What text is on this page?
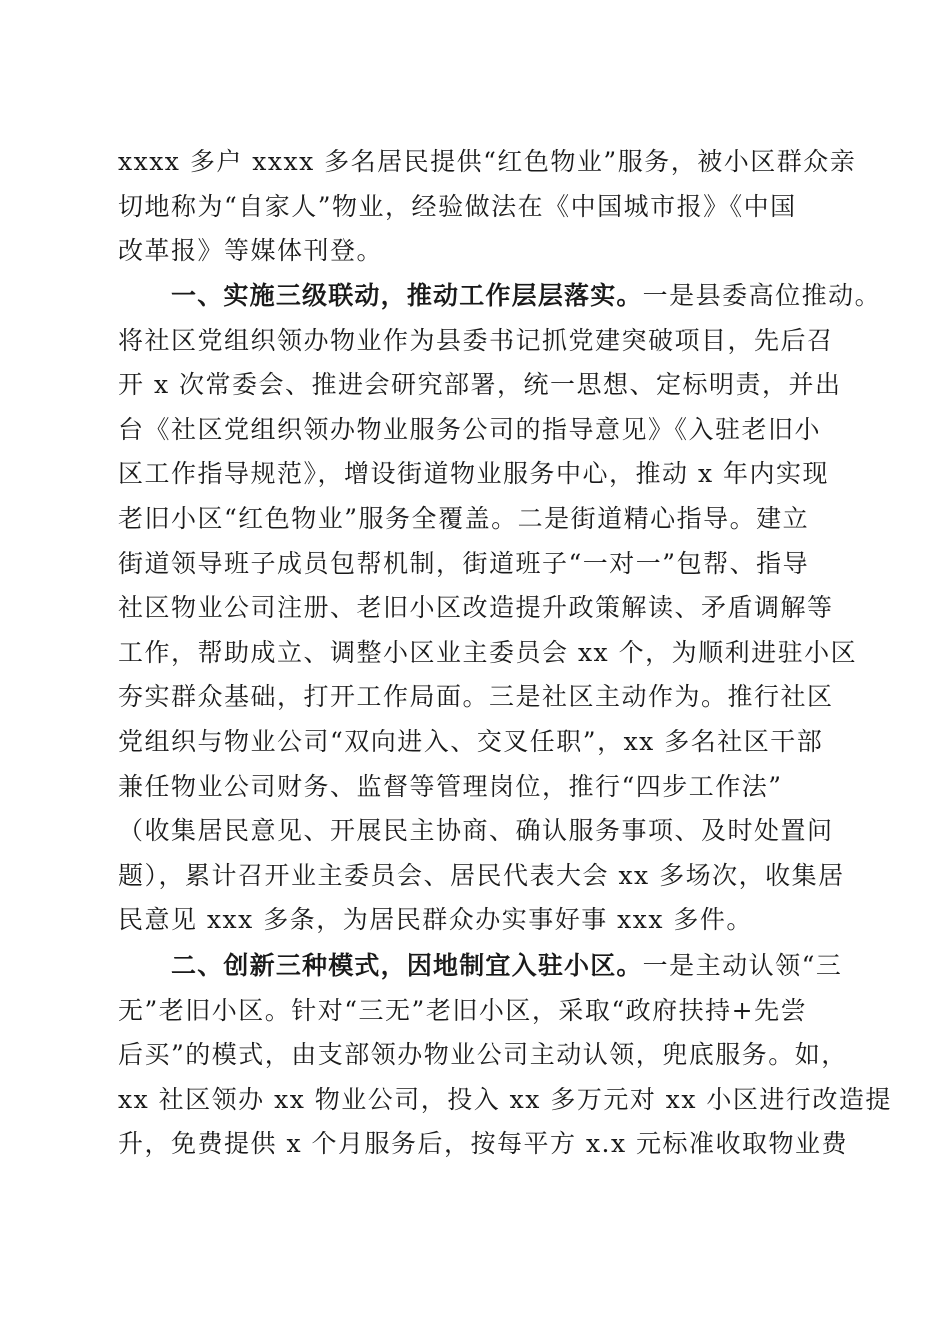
xxxx 多户 xxxx 多名居民提供“红色物业”服务，被小区群众亲
切地称为“自家人”物业，经验做法在《中国城市报》《中国
改革报》等媒体刊登。
　　一、实施三级联动，推动工作层层落实。一是县委高位推动。
将社区党组织领办物业作为县委书记抓党建突破项目，先后召
开 x 次常委会、推进会研究部署，统一思想、定标明责，并出
台《社区党组织领办物业服务公司的指导意见》《入驻老旧小
区工作指导规范》，增设街道物业服务中心，推动 x 年内实现
老旧小区“红色物业”服务全覆盖。二是街道精心指导。建立
街道领导班子成员包帮机制，街道班子“一对一”包帮、指导
社区物业公司注册、老旧小区改造提升政策解读、矛盾调解等
工作，帮助成立、调整小区业主委员会 xx 个，为顺利进驻小区
夯实群众基础，打开工作局面。三是社区主动作为。推行社区
党组织与物业公司“双向进入、交叉任职”，xx 多名社区干部
兼任物业公司财务、监督等管理岗位，推行“四步工作法”
（收集居民意见、开展民主协商、确认服务事项、及时处置问
题），累计召开业主委员会、居民代表大会 xx 多场次，收集居
民意见 xxx 多条，为居民群众办实事好事 xxx 多件。
　　二、创新三种模式，因地制宜入驻小区。一是主动认领“三
无”老旧小区。针对“三无”老旧小区，采取“政府扶持+先尝
后买”的模式，由支部领办物业公司主动认领，兜底服务。如，
xx 社区领办 xx 物业公司，投入 xx 多万元对 xx 小区进行改造提
升，免费提供 x 个月服务后，按每平方 x.x 元标准收取物业费
